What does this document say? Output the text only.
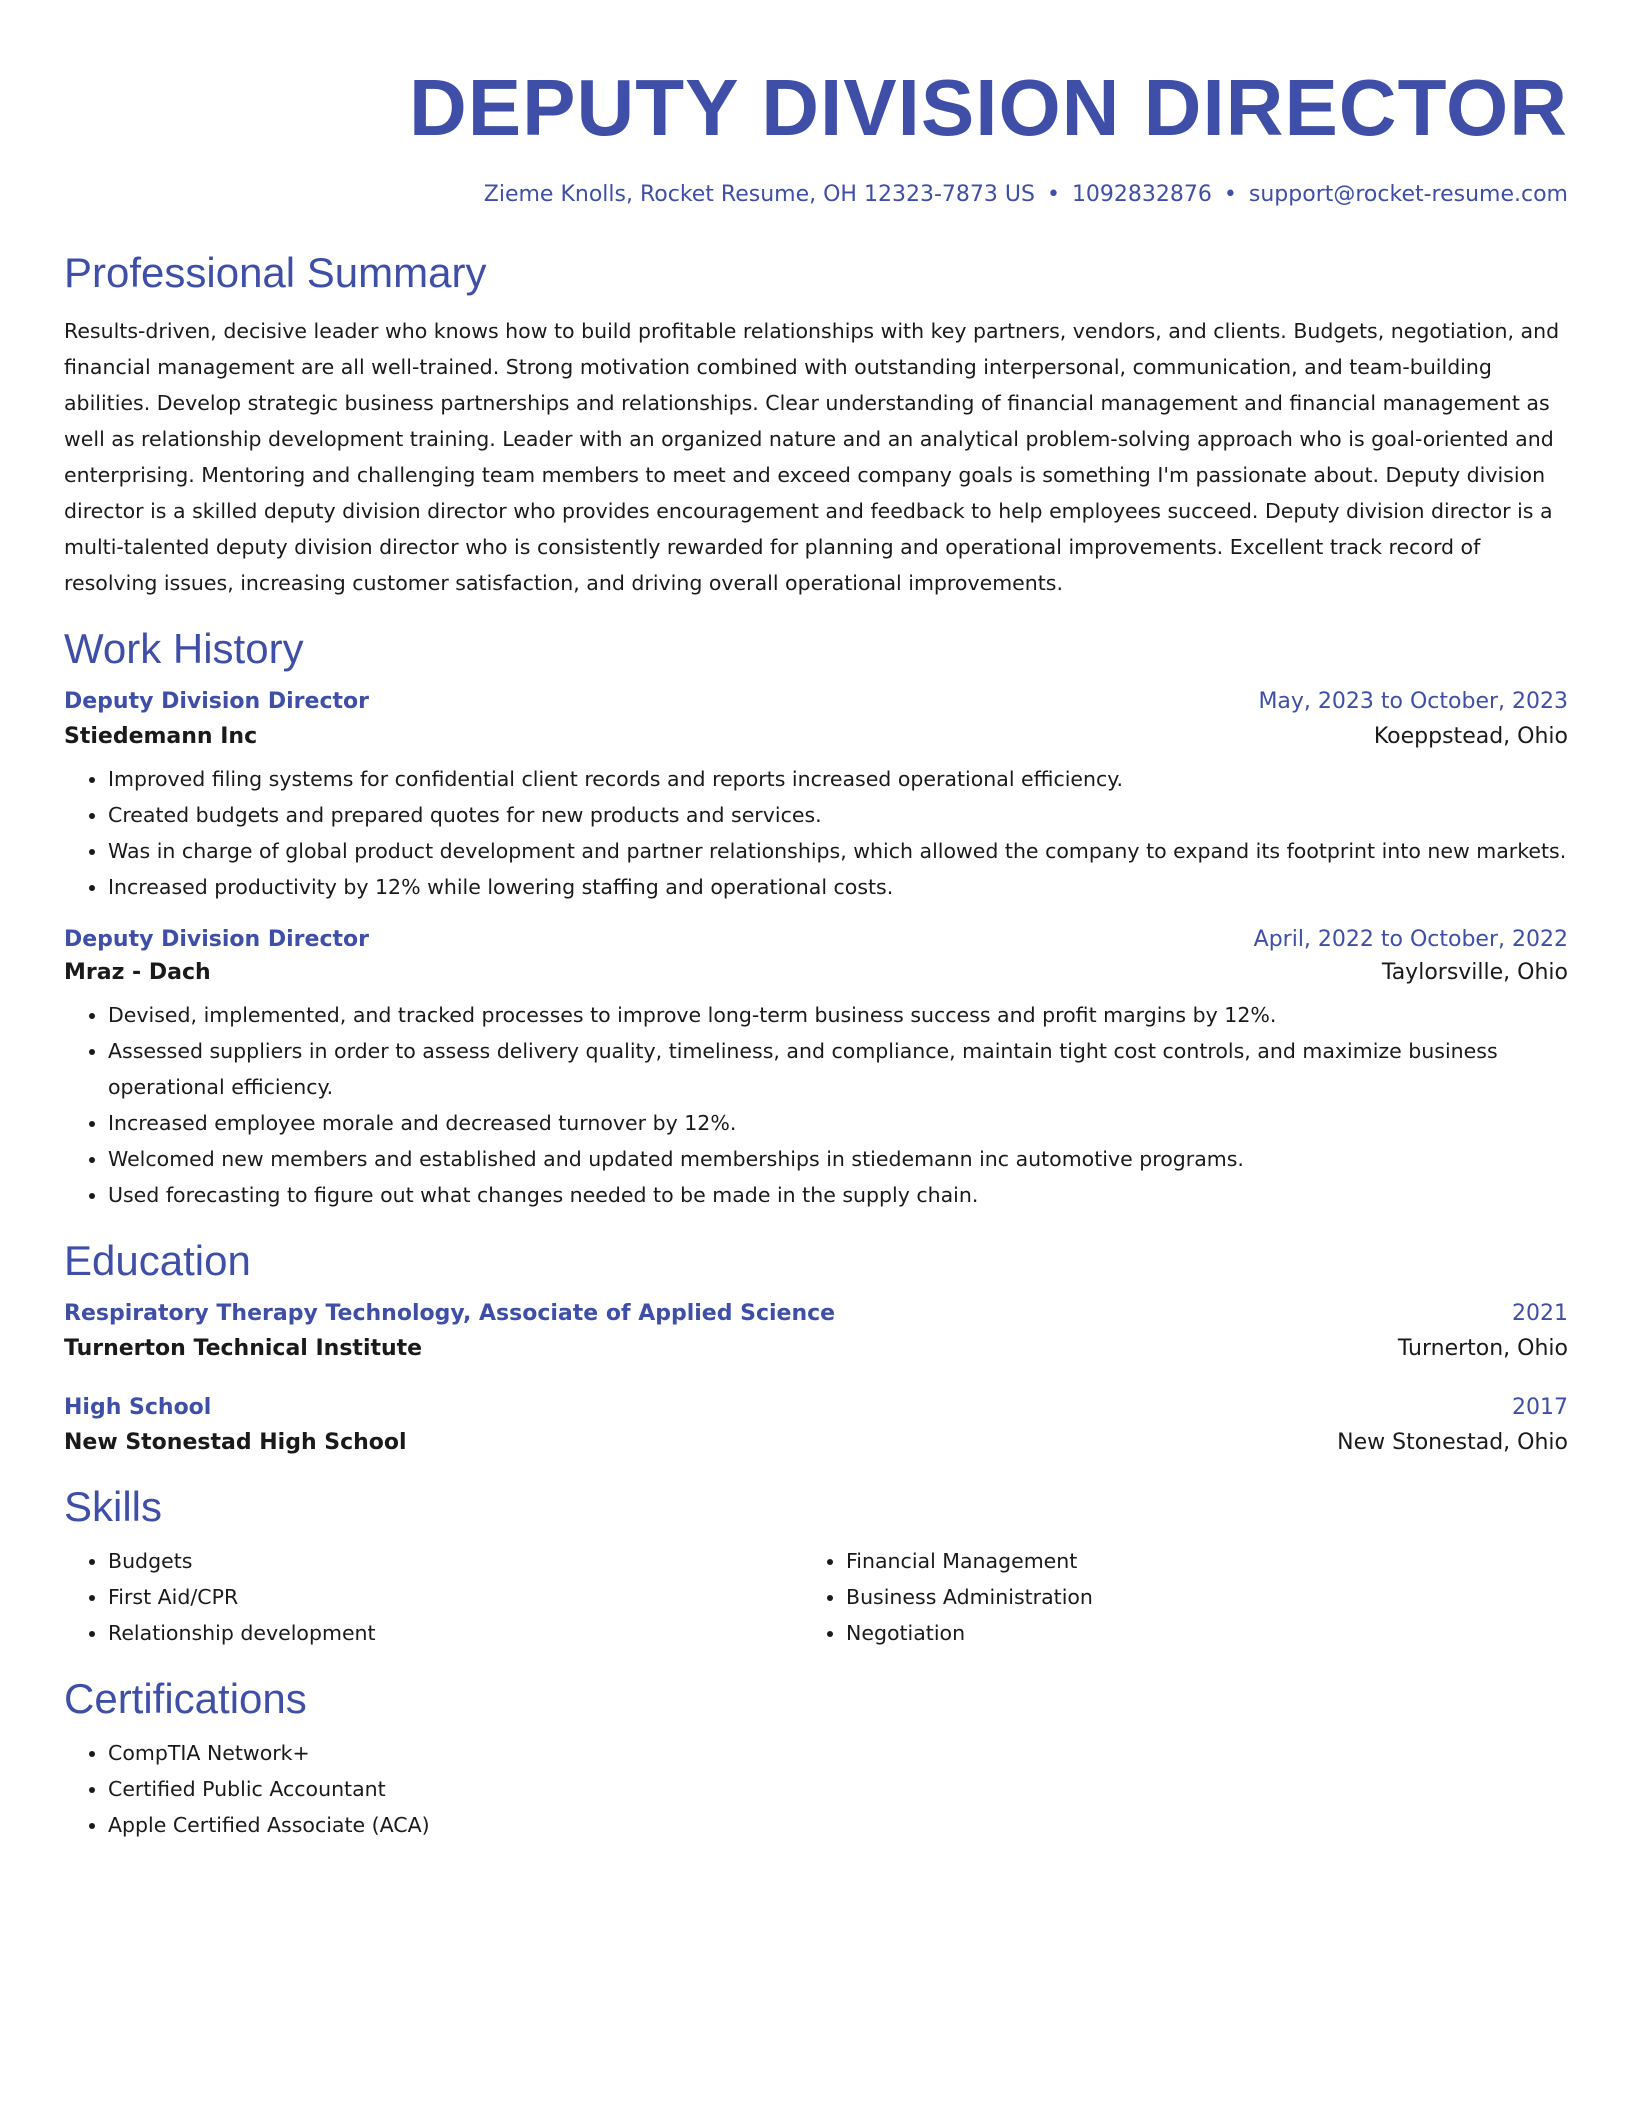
DEPUTY DIVISION DIRECTOR
Zieme Knolls, Rocket Resume, OH 12323-7873 US • 1092832876 • support@rocket-resume.com
Professional Summary

Results-driven, decisive leader who knows how to build profitable relationships with key partners, vendors, and clients. Budgets, negotiation, and financial management are all well-trained. Strong motivation combined with outstanding interpersonal, communication, and team-building abilities. Develop strategic business partnerships and relationships. Clear understanding of financial management and financial management as well as relationship development training. Leader with an organized nature and an analytical problem-solving approach who is goal-oriented and enterprising. Mentoring and challenging team members to meet and exceed company goals is something I'm passionate about. Deputy division director is a skilled deputy division director who provides encouragement and feedback to help employees succeed. Deputy division director is a multi-talented deputy division director who is consistently rewarded for planning and operational improvements. Excellent track record of resolving issues, increasing customer satisfaction, and driving overall operational improvements.

Work History
Deputy Division Director	May, 2023 to October, 2023
Stiedemann Inc	Koeppstead, Ohio
• Improved filing systems for confidential client records and reports increased operational efficiency.
• Created budgets and prepared quotes for new products and services.
• Was in charge of global product development and partner relationships, which allowed the company to expand its footprint into new markets.
• Increased productivity by 12% while lowering staffing and operational costs.
Deputy Division Director	April, 2022 to October, 2022
Mraz - Dach	Taylorsville, Ohio
• Devised, implemented, and tracked processes to improve long-term business success and profit margins by 12%.
• Assessed suppliers in order to assess delivery quality, timeliness, and compliance, maintain tight cost controls, and maximize business operational efficiency.
• Increased employee morale and decreased turnover by 12%.
• Welcomed new members and established and updated memberships in stiedemann inc automotive programs.
• Used forecasting to figure out what changes needed to be made in the supply chain.
Education
Respiratory Therapy Technology, Associate of Applied Science	2021
Turnerton Technical Institute	Turnerton, Ohio
High School	2017
New Stonestad High School	New Stonestad, Ohio
Skills
• Budgets
• First Aid/CPR
• Relationship development
• Financial Management
• Business Administration
• Negotiation
Certifications
• CompTIA Network+
• Certified Public Accountant
• Apple Certified Associate (ACA)
